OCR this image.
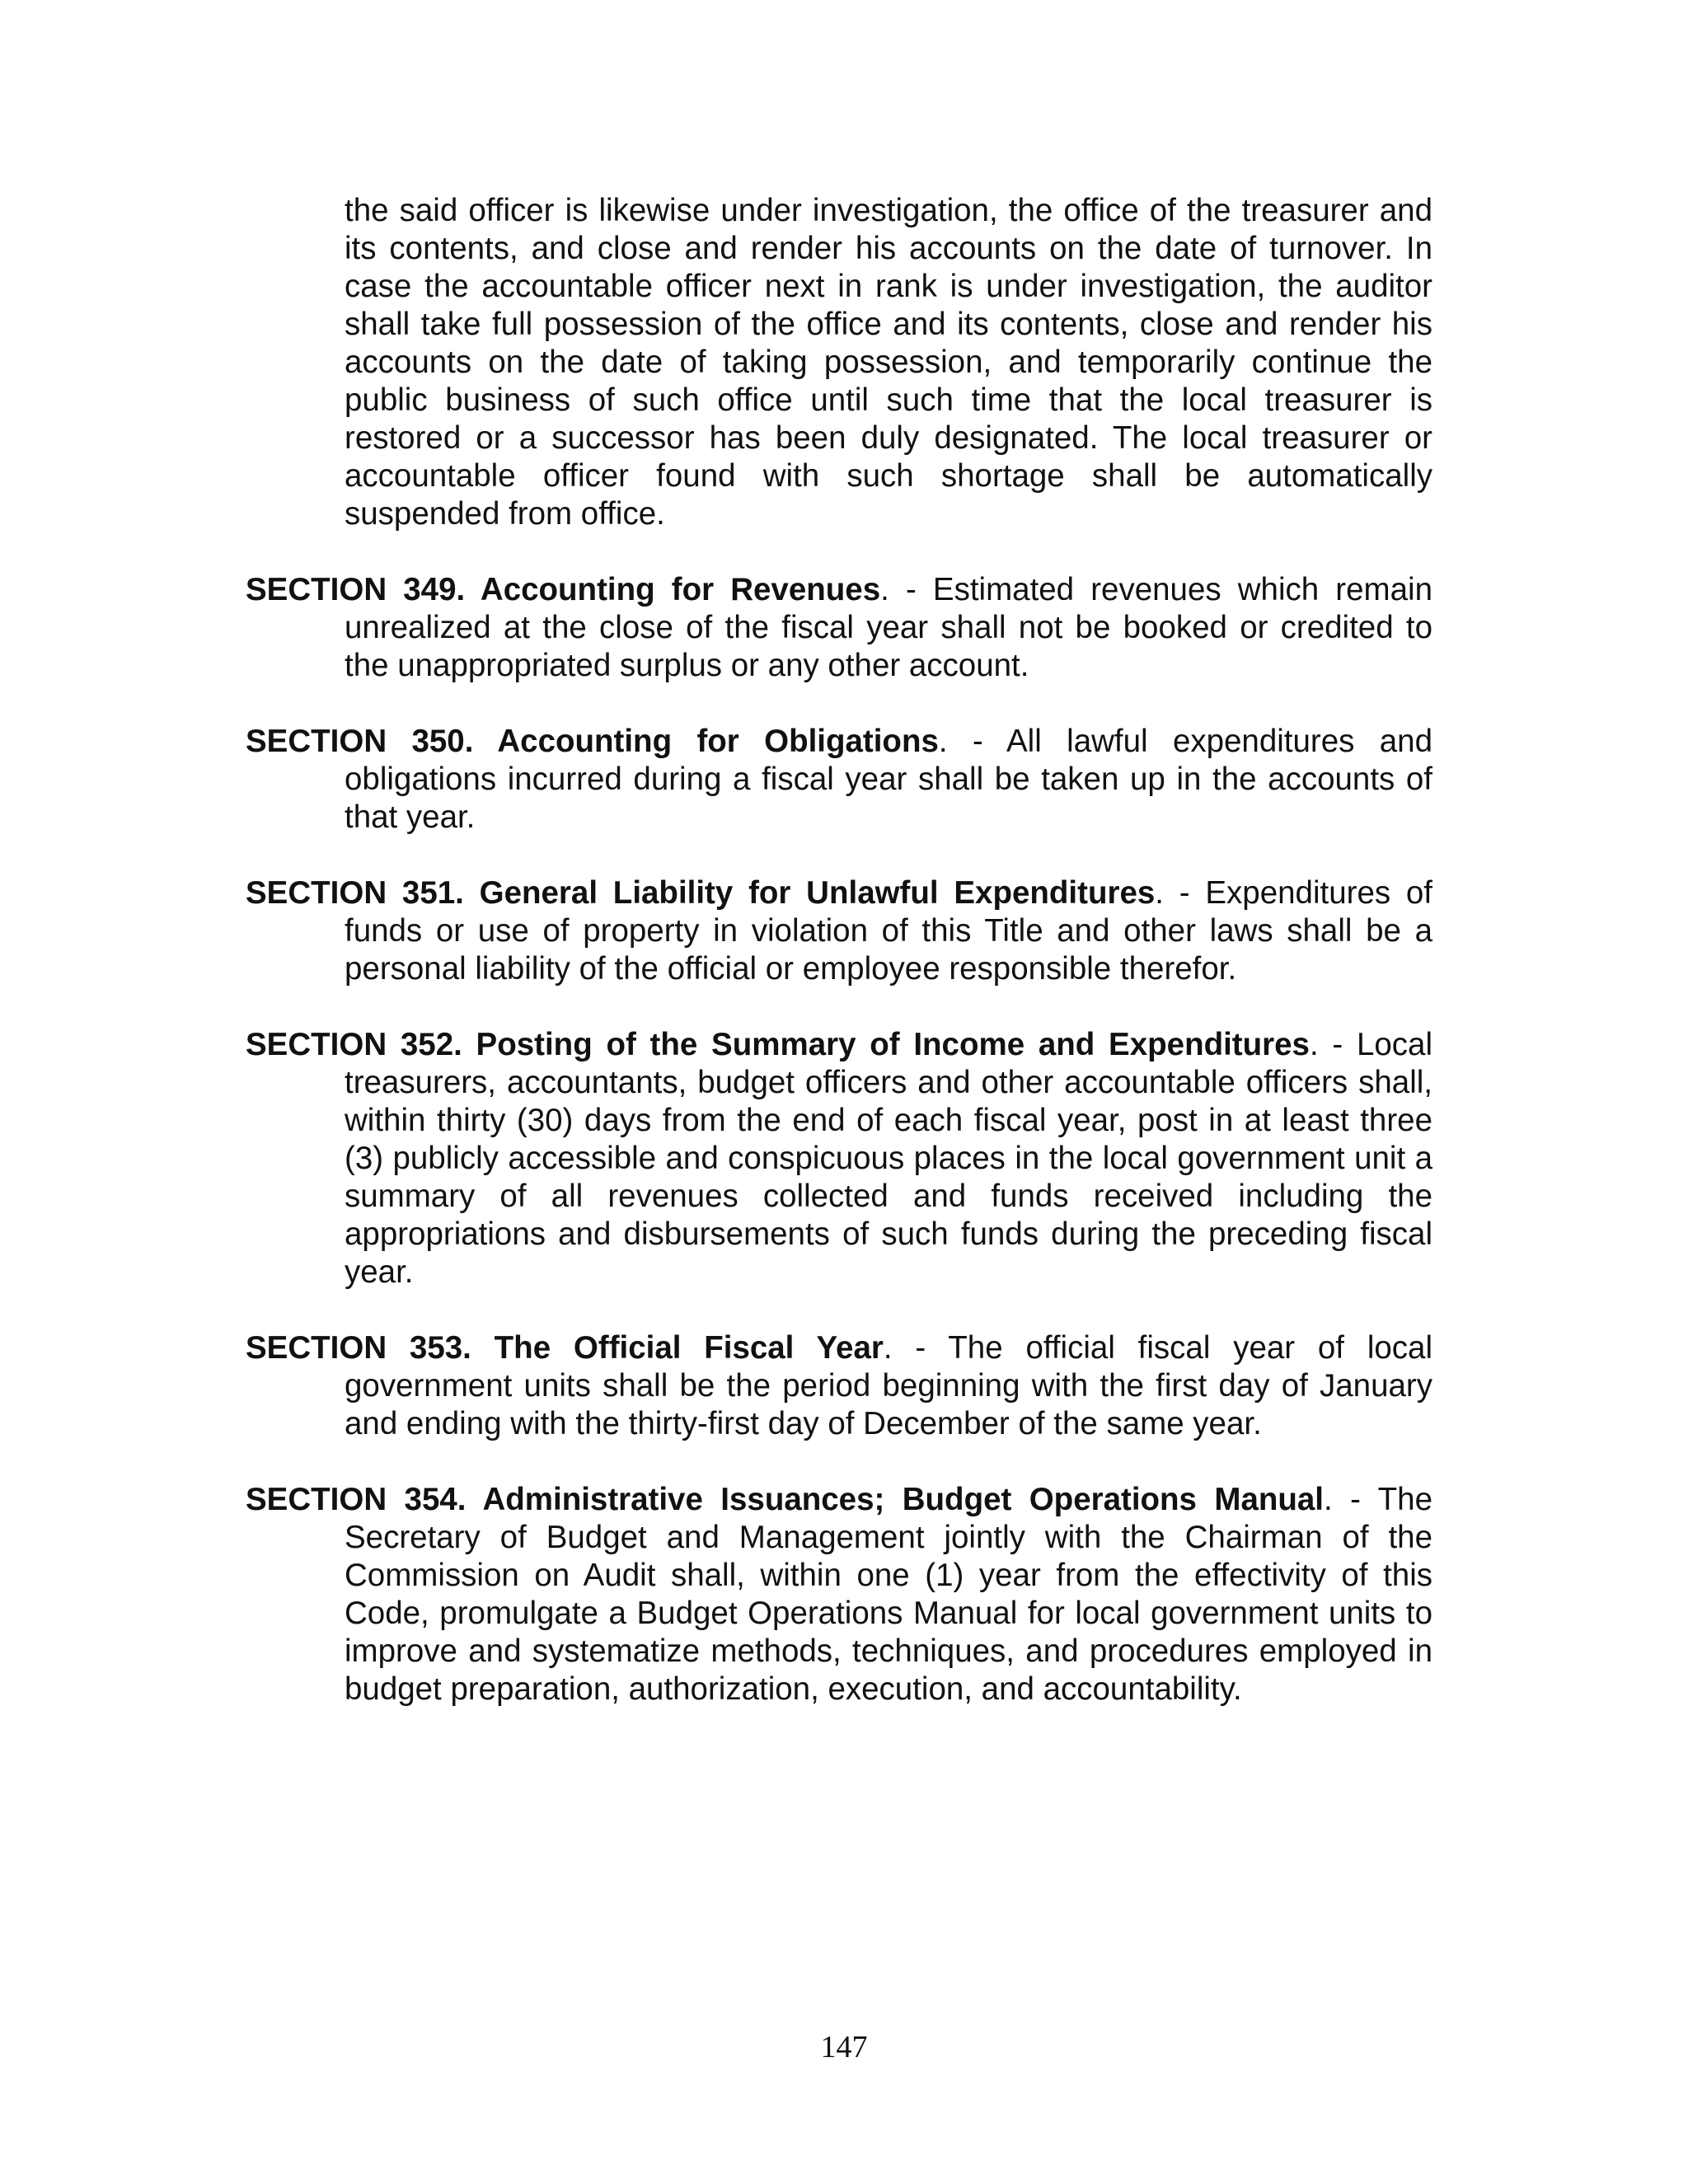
the said officer is likewise under investigation, the office of the treasurer and its contents, and close and render his accounts on the date of turnover. In case the accountable officer next in rank is under investigation, the auditor shall take full possession of the office and its contents, close and render his accounts on the date of taking possession, and temporarily continue the public business of such office until such time that the local treasurer is restored or a successor has been duly designated. The local treasurer or accountable officer found with such shortage shall be automatically suspended from office.

SECTION 349. Accounting for Revenues. - Estimated revenues which remain unrealized at the close of the fiscal year shall not be booked or credited to the unappropriated surplus or any other account.

SECTION 350. Accounting for Obligations. - All lawful expenditures and obligations incurred during a fiscal year shall be taken up in the accounts of that year.

SECTION 351. General Liability for Unlawful Expenditures. - Expenditures of funds or use of property in violation of this Title and other laws shall be a personal liability of the official or employee responsible therefor.

SECTION 352. Posting of the Summary of Income and Expenditures. - Local treasurers, accountants, budget officers and other accountable officers shall, within thirty (30) days from the end of each fiscal year, post in at least three (3) publicly accessible and conspicuous places in the local government unit a summary of all revenues collected and funds received including the appropriations and disbursements of such funds during the preceding fiscal year.

SECTION 353. The Official Fiscal Year. - The official fiscal year of local government units shall be the period beginning with the first day of January and ending with the thirty-first day of December of the same year.

SECTION 354. Administrative Issuances; Budget Operations Manual. - The Secretary of Budget and Management jointly with the Chairman of the Commission on Audit shall, within one (1) year from the effectivity of this Code, promulgate a Budget Operations Manual for local government units to improve and systematize methods, techniques, and procedures employed in budget preparation, authorization, execution, and accountability.

147
